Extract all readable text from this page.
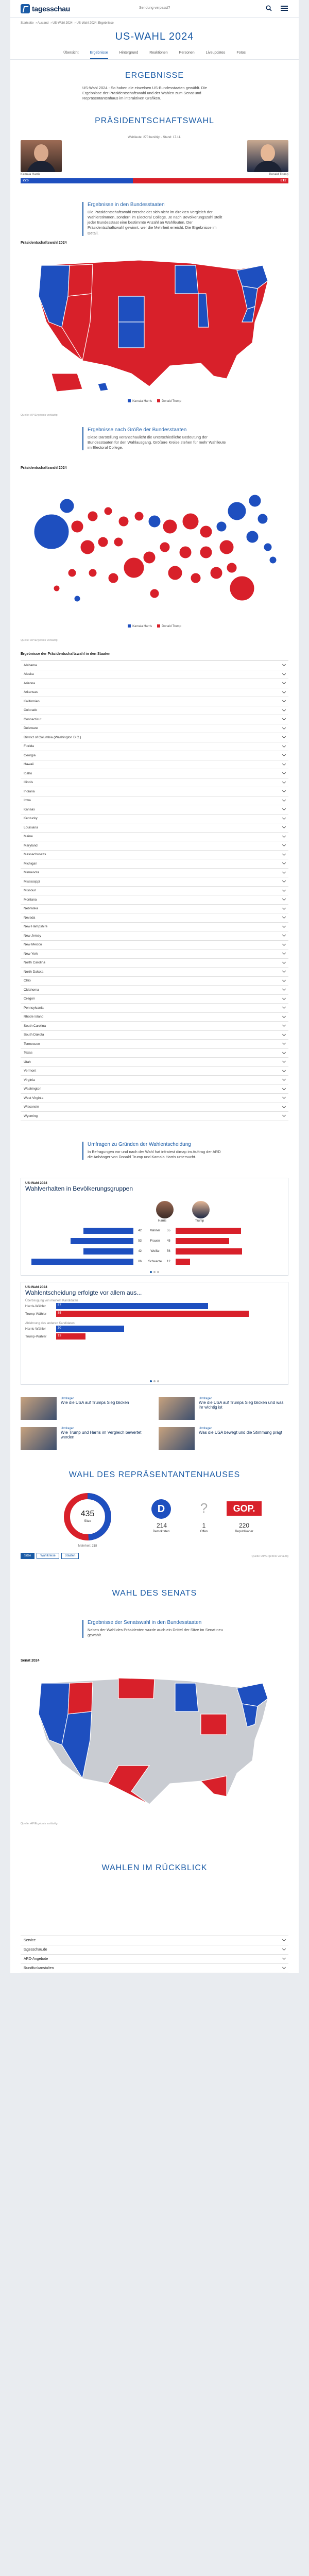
tagesschau	Sendung verpasst?
Startseite › Ausland › US-Wahl 2024 › US-Wahl 2024: Ergebnisse
US-WAHL 2024
Übersicht	Ergebnisse	Hintergrund	Reaktionen	Personen	Liveupdates	Fotos
ERGEBNISSE
US-Wahl 2024 - So haben die einzelnen US-Bundesstaaten gewählt. Die Ergebnisse der Präsidentschaftswahl und der Wahlen zum Senat und Repräsentantenhaus im interaktiven Grafiken.
PRÄSIDENTSCHAFTSWAHL
Wahlleute: 270 benötigt · Stand: 17.11.
Kamala Harris	Donald Trump
226	312
Ergebnisse in den Bundesstaaten
Die Präsidentschaftswahl entscheidet sich nicht im direkten Vergleich der Wählerstimmen, sondern im Electoral College. Je nach Bevölkerungszahl stellt jeder Bundesstaat eine bestimmte Anzahl an Wahlleuten. Der Präsidentschaftswahl gewinnt, wer die Mehrheit erreicht. Die Ergebnisse im Detail.
Präsidentschaftswahl 2024
Kamala Harris	Donald Trump
Quelle: AP/Ergebnis vorläufig
Ergebnisse nach Größe der Bundesstaaten
Diese Darstellung veranschaulicht die unterschiedliche Bedeutung der Bundesstaaten für den Wahlausgang. Größere Kreise stehen für mehr Wahlleute im Electoral College.
Präsidentschaftswahl 2024
Kamala Harris	Donald Trump
Quelle: AP/Ergebnis vorläufig
Ergebnisse der Präsidentschaftswahl in den Staaten
Alabama
Alaska
Arizona
Arkansas
Kalifornien
Colorado
Connecticut
Delaware
District of Columbia (Washington D.C.)
Florida
Georgia
Hawaii
Idaho
Illinois
Indiana
Iowa
Kansas
Kentucky
Louisiana
Maine
Maryland
Massachusetts
Michigan
Minnesota
Mississippi
Missouri
Montana
Nebraska
Nevada
New Hampshire
New Jersey
New Mexico
New York
North Carolina
North Dakota
Ohio
Oklahoma
Oregon
Pennsylvania
Rhode Island
South Carolina
South Dakota
Tennessee
Texas
Utah
Vermont
Virginia
Washington
West Virginia
Wisconsin
Wyoming
Umfragen zu Gründen der Wahlentscheidung
In Befragungen vor und nach der Wahl hat infratest dimap im Auftrag der ARD die Anhänger von Donald Trump und Kamala Harris untersucht.
US-Wahl 2024
Wahlverhalten in Bevölkerungsgruppen
Harris	Trump
42	Männer	55
53	Frauen	45
42	Weiße	56
86	Schwarze	12
US-Wahl 2024
Wahlentscheidung erfolgte vor allem aus...
Überzeugung von meinem Kandidaten
Harris-Wähler	67
Trump-Wähler	85
Ablehnung des anderen Kandidaten
Harris-Wähler	30
Trump-Wähler	13
Umfragen
Wie die USA auf Trumps Sieg blicken
Umfragen
Wie die USA auf Trumps Sieg blicken und was ihr wichtig ist
Umfragen
Wie Trump und Harris im Vergleich bewertet werden
Umfragen
Was die USA bewegt und die Stimmung prägt
WAHL DES REPRÄSENTANTENHAUSES
435
Sitze
Mehrheit: 218
D
214
Demokraten
?
1
Offen
GOP.
220
Republikaner
Sitze	Wahlkreise	Staaten	Quelle: AP/Ergebnis vorläufig
WAHL DES SENATS
Ergebnisse der Senatswahl in den Bundesstaaten
Neben der Wahl des Präsidenten wurde auch ein Drittel der Sitze im Senat neu gewählt.
Senat 2024
Quelle: AP/Ergebnis vorläufig
WAHLEN IM RÜCKBLICK
Service
tagesschau.de
ARD-Angebote
Rundfunkanstalten
